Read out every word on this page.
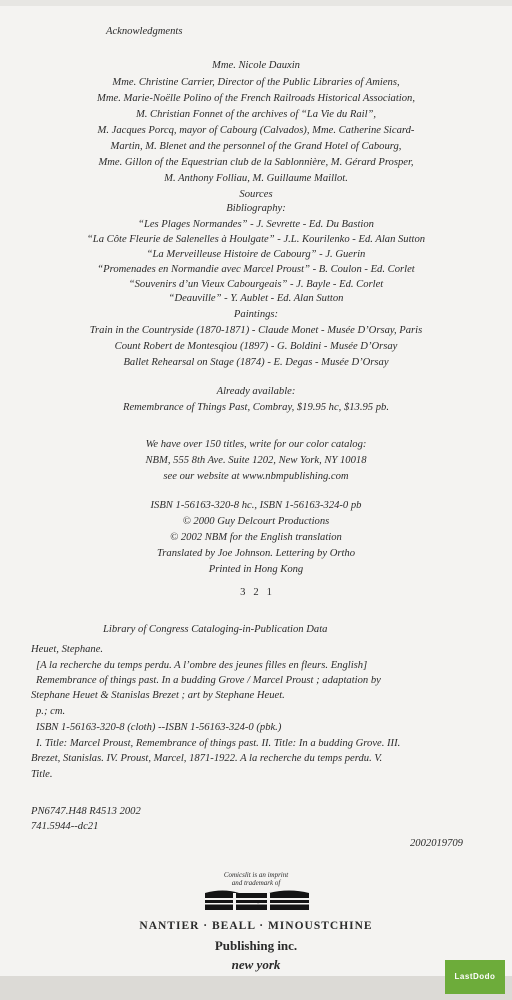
Acknowledgments
Mme. Nicole Dauxin
Mme. Christine Carrier, Director of the Public Libraries of Amiens,
Mme. Marie-Noëlle Polino of the French Railroads Historical Association,
M. Christian Fonnet of the archives of “La Vie du Rail”,
M. Jacques Porcq, mayor of Cabourg (Calvados), Mme. Catherine Sicard-
Martin, M. Blenet and the personnel of the Grand Hotel of Cabourg,
Mme. Gillon of the Equestrian club de la Sablonnière, M. Gérard Prosper,
M. Anthony Folliau, M. Guillaume Maillot.
Sources
Bibliography:
“Les Plages Normandes” - J. Sevrette - Ed. Du Bastion
“La Côte Fleurie de Salenelles à Houlgate” - J.L. Kourilenko - Ed. Alan Sutton
“La Merveilleuse Histoire de Cabourg” - J. Guerin
“Promenades en Normandie avec Marcel Proust” - B. Coulon - Ed. Corlet
“Souvenirs d’un Vieux Cabourgeais” - J. Bayle - Ed. Corlet
“Deauville” - Y. Aublet - Ed. Alan Sutton
Paintings:
Train in the Countryside (1870-1871) - Claude Monet - Musée D’Orsay, Paris
Count Robert de Montesqiou (1897) - G. Boldini - Musée D’Orsay
Ballet Rehearsal on Stage (1874) - E. Degas - Musée D’Orsay
Already available:
Remembrance of Things Past, Combray, $19.95 hc, $13.95 pb.
We have over 150 titles, write for our color catalog:
NBM, 555 8th Ave. Suite 1202, New York, NY 10018
see our website at www.nbmpublishing.com
ISBN 1-56163-320-8 hc., ISBN 1-56163-324-0 pb
© 2000 Guy Delcourt Productions
© 2002 NBM for the English translation
Translated by Joe Johnson. Lettering by Ortho
Printed in Hong Kong
3   2   1
Library of Congress Cataloging-in-Publication Data
Heuet, Stephane.
[A la recherche du temps perdu. A l’ombre des jeunes filles en fleurs. English]
Remembrance of things past. In a budding Grove / Marcel Proust ; adaptation by
Stephane Heuet & Stanislas Brezet ; art by Stephane Heuet.
p.; cm.
ISBN 1-56163-320-8 (cloth) --ISBN 1-56163-324-0 (pbk.)
I. Title: Marcel Proust, Remembrance of things past. II. Title: In a budding Grove. III.
Brezet, Stanislas. IV. Proust, Marcel, 1871-1922. A la recherche du temps perdu. V.
Title.
PN6747.H48 R4513 2002
741.5944--dc21
2002019709
Comicslit is an imprint
and trademark of
NBM
NANTIER · BEALL · MINOUSTCHINE
Publishing inc.
new york
LastDodo
